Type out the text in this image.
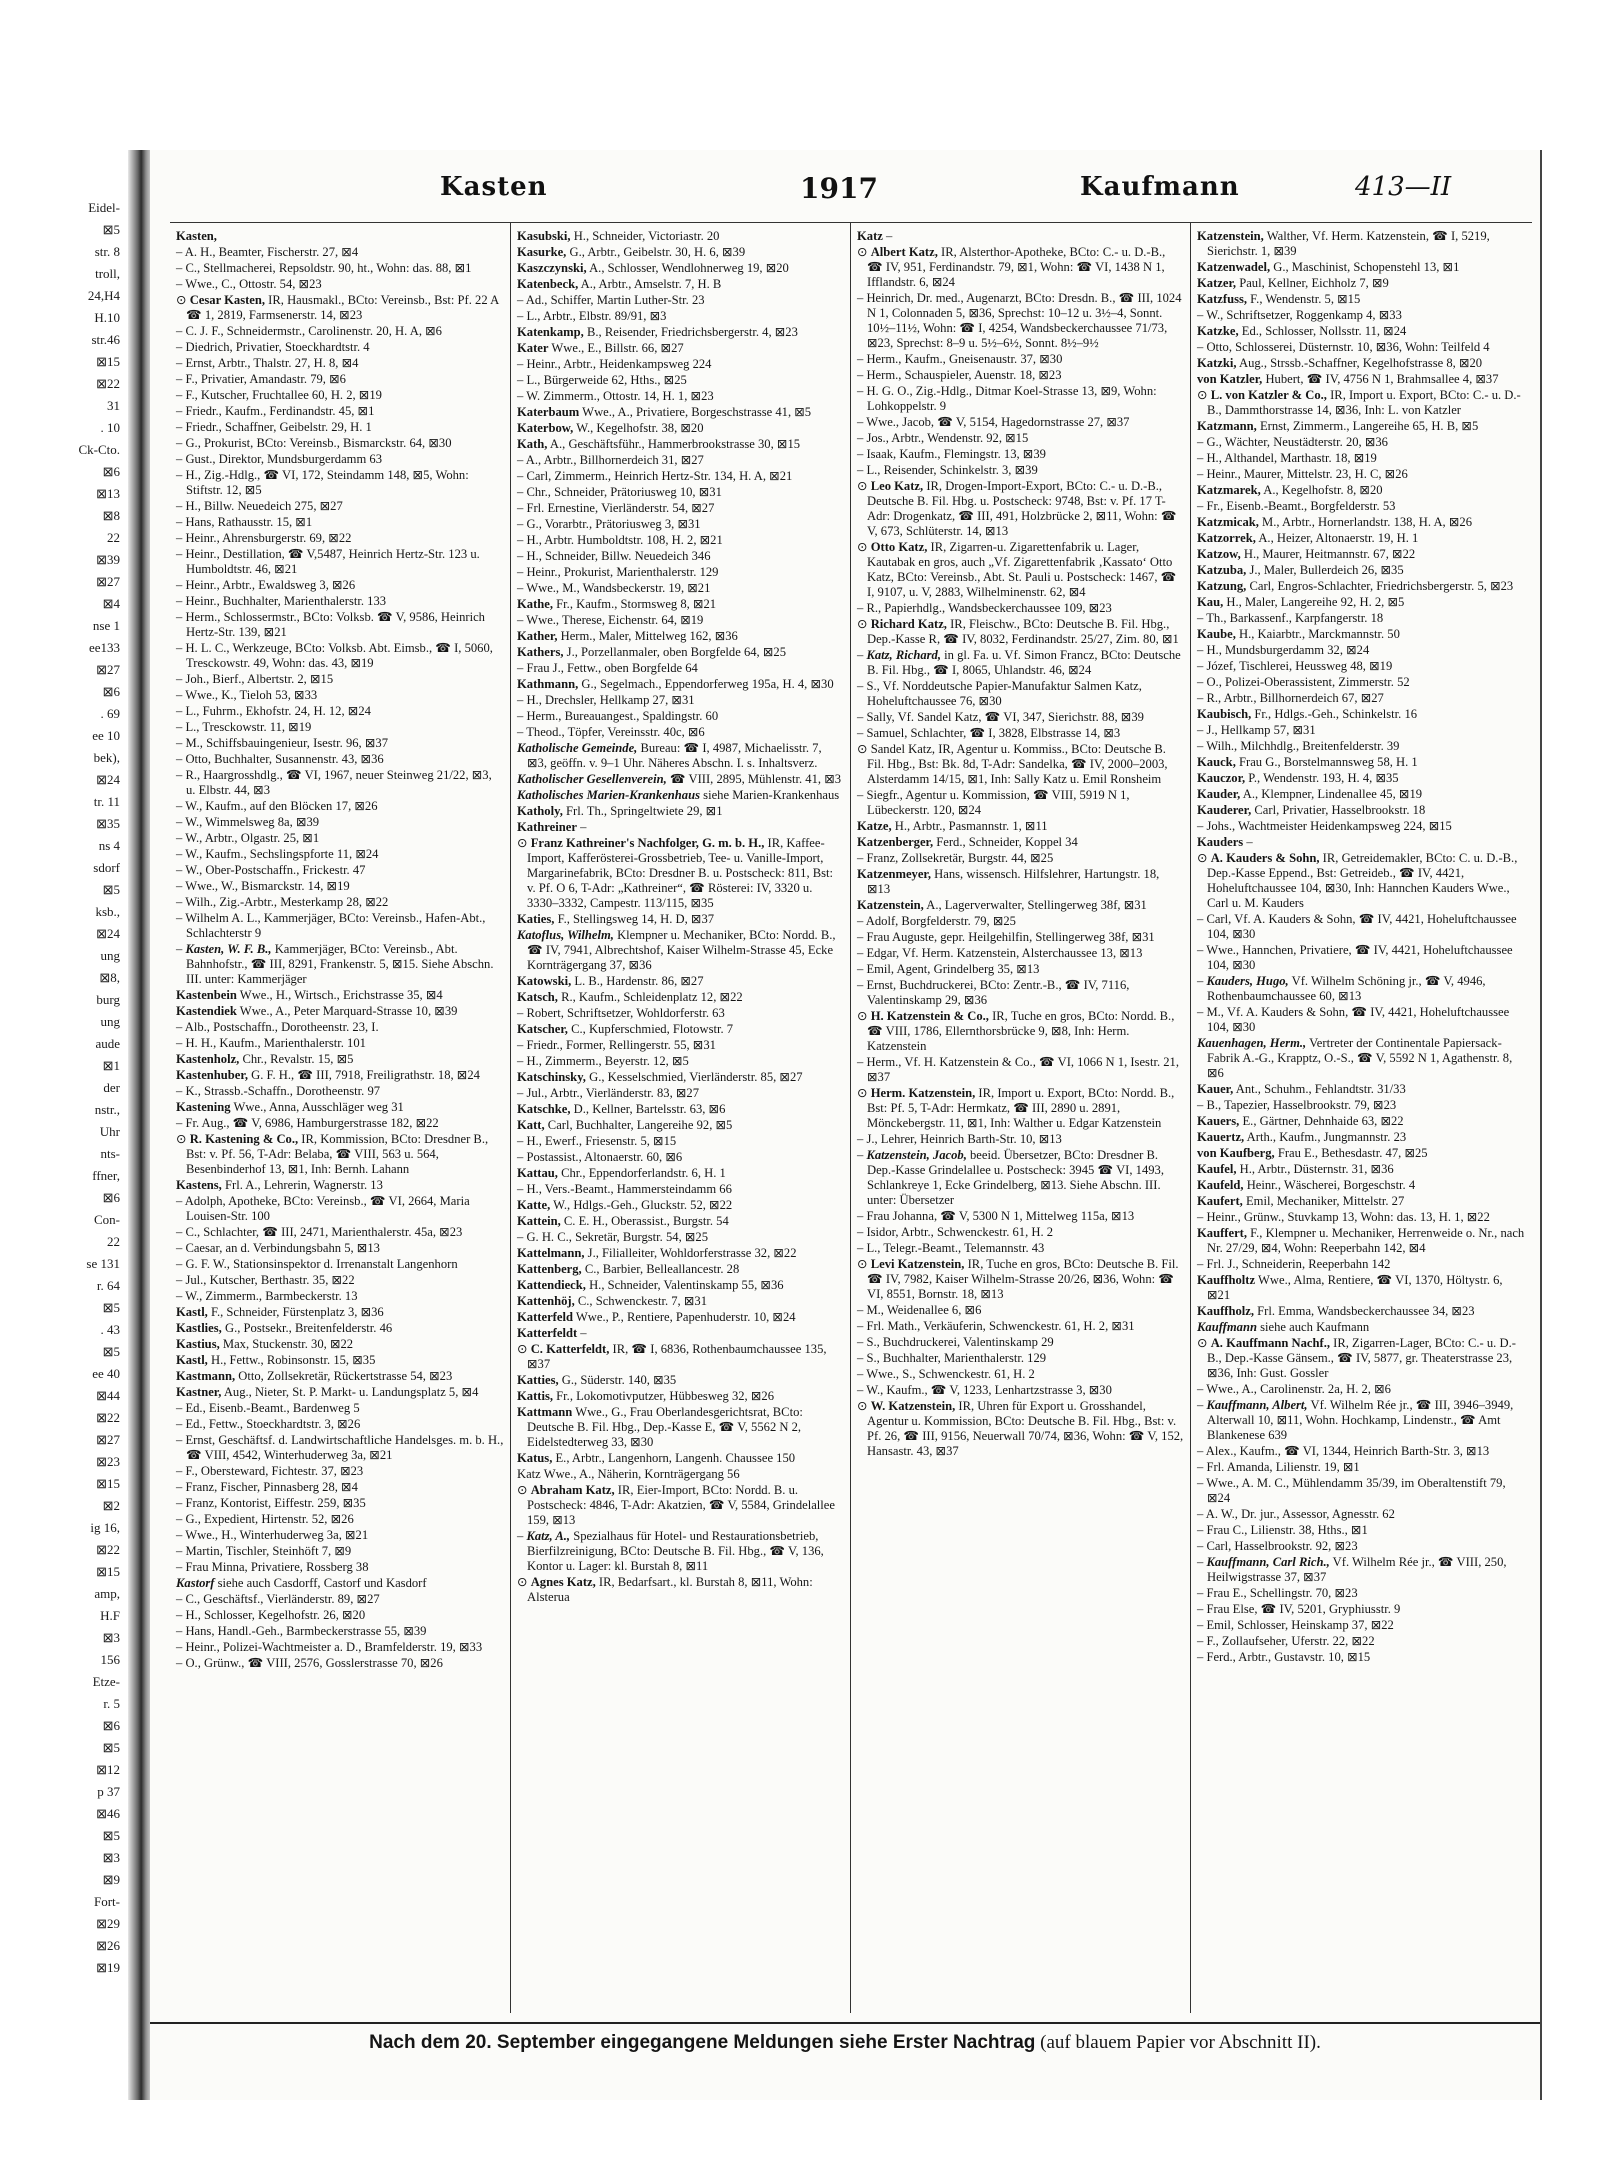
Eidel-
⊠5
str. 8
troll,
24,H4
H.10
str.46
⊠15
⊠22
31
. 10
Ck-Cto.
⊠6
⊠13
⊠8
22
⊠39
⊠27
⊠4
nse 1
ee133
⊠27
⊠6
. 69
ee 10
bek),
⊠24
tr. 11
⊠35
ns 4
sdorf
⊠5
ksb.,
⊠24
ung
⊠8,
burg
ung
aude
⊠1
der
nstr.,
Uhr
nts-
ffner,
⊠6
Con-
22
se 131
r. 64
⊠5
. 43
⊠5
ee 40
⊠44
⊠22
⊠27
⊠23
⊠15
⊠2
ig 16,
⊠22
⊠15
amp,
H.F
⊠3
156
Etze-
r. 5
⊠6
⊠5
⊠12
p 37
⊠46
⊠5
⊠3
⊠9
Fort-
⊠29
⊠26
⊠19
Kasten	1917	Kaufmann	413—II
Kasten,
– A. H., Beamter, Fischerstr. 27, ⊠4
– C., Stellmacherei, Repsoldstr. 90, ht., Wohn: das. 88, ⊠1
– Wwe., C., Ottostr. 54, ⊠23
⊙ Cesar Kasten, IR, Hausmakl., BCto: Vereinsb., Bst: Pf. 22 A ☎ 1, 2819, Farmsenerstr. 14, ⊠23
– C. J. F., Schneidermstr., Carolinenstr. 20, H. A, ⊠6
– Diedrich, Privatier, Stoeckhardtstr. 4
– Ernst, Arbtr., Thalstr. 27, H. 8, ⊠4
– F., Privatier, Amandastr. 79, ⊠6
– F., Kutscher, Fruchtallee 60, H. 2, ⊠19
– Friedr., Kaufm., Ferdinandstr. 45, ⊠1
– Friedr., Schaffner, Geibelstr. 29, H. 1
– G., Prokurist, BCto: Vereinsb., Bismarckstr. 64, ⊠30
– Gust., Direktor, Mundsburgerdamm 63
– H., Zig.-Hdlg., ☎ VI, 172, Steindamm 148, ⊠5, Wohn: Stiftstr. 12, ⊠5
– H., Billw. Neuedeich 275, ⊠27
– Hans, Rathausstr. 15, ⊠1
– Heinr., Ahrensburgerstr. 69, ⊠22
– Heinr., Destillation, ☎ V,5487, Heinrich Hertz-Str. 123 u. Humboldtstr. 46, ⊠21
– Heinr., Arbtr., Ewaldsweg 3, ⊠26
– Heinr., Buchhalter, Marienthalerstr. 133
– Herm., Schlossermstr., BCto: Volksb. ☎ V, 9586, Heinrich Hertz-Str. 139, ⊠21
– H. L. C., Werkzeuge, BCto: Volksb. Abt. Eimsb., ☎ I, 5060, Tresckowstr. 49, Wohn: das. 43, ⊠19
– Joh., Bierf., Albertstr. 2, ⊠15
– Wwe., K., Tieloh 53, ⊠33
– L., Fuhrm., Ekhofstr. 24, H. 12, ⊠24
– L., Tresckowstr. 11, ⊠19
– M., Schiffsbauingenieur, Isestr. 96, ⊠37
– Otto, Buchhalter, Susannenstr. 43, ⊠36
– R., Haargrosshdlg., ☎ VI, 1967, neuer Steinweg 21/22, ⊠3, u. Elbstr. 44, ⊠3
– W., Kaufm., auf den Blöcken 17, ⊠26
– W., Wimmelsweg 8a, ⊠39
– W., Arbtr., Olgastr. 25, ⊠1
– W., Kaufm., Sechslingspforte 11, ⊠24
– W., Ober-Postschaffn., Frickestr. 47
– Wwe., W., Bismarckstr. 14, ⊠19
– Wilh., Zig.-Arbtr., Mesterkamp 28, ⊠22
– Wilhelm A. L., Kammerjäger, BCto: Vereinsb., Hafen-Abt., Schlachterstr 9
– Kasten, W. F. B., Kammerjäger, BCto: Vereinsb., Abt. Bahnhofstr., ☎ III, 8291, Frankenstr. 5, ⊠15. Siehe Abschn. III. unter: Kammerjäger
Kastenbein Wwe., H., Wirtsch., Erichstrasse 35, ⊠4
Kastendiek Wwe., A., Peter Marquard-Strasse 10, ⊠39
– Alb., Postschaffn., Dorotheenstr. 23, I.
– H. H., Kaufm., Marienthalerstr. 101
Kastenholz, Chr., Revalstr. 15, ⊠5
Kastenhuber, G. F. H., ☎ III, 7918, Freiligrathstr. 18, ⊠24
– K., Strassb.-Schaffn., Dorotheenstr. 97
Kastening Wwe., Anna, Ausschläger weg 31
– Fr. Aug., ☎ V, 6986, Hamburgerstrasse 182, ⊠22
⊙ R. Kastening & Co., IR, Kommission, BCto: Dresdner B., Bst: v. Pf. 56, T-Adr: Belaba, ☎ VIII, 563 u. 564, Besenbinderhof 13, ⊠1, Inh: Bernh. Lahann
Kastens, Frl. A., Lehrerin, Wagnerstr. 13
– Adolph, Apotheke, BCto: Vereinsb., ☎ VI, 2664, Maria Louisen-Str. 100
– C., Schlachter, ☎ III, 2471, Marienthalerstr. 45a, ⊠23
– Caesar, an d. Verbindungsbahn 5, ⊠13
– G. F. W., Stationsinspektor d. Irrenanstalt Langenhorn
– Jul., Kutscher, Berthastr. 35, ⊠22
– W., Zimmerm., Barmbeckerstr. 13
Kastl, F., Schneider, Fürstenplatz 3, ⊠36
Kastlies, G., Postsekr., Breitenfelderstr. 46
Kastius, Max, Stuckenstr. 30, ⊠22
Kastl, H., Fettw., Robinsonstr. 15, ⊠35
Kastmann, Otto, Zollsekretär, Rückertstrasse 54, ⊠23
Kastner, Aug., Nieter, St. P. Markt- u. Landungsplatz 5, ⊠4
– Ed., Eisenb.-Beamt., Bardenweg 5
– Ed., Fettw., Stoeckhardtstr. 3, ⊠26
– Ernst, Geschäftsf. d. Landwirtschaftliche Handelsges. m. b. H., ☎ VIII, 4542, Winterhuderweg 3a, ⊠21
– F., Obersteward, Fichtestr. 37, ⊠23
– Franz, Fischer, Pinnasberg 28, ⊠4
– Franz, Kontorist, Eiffestr. 259, ⊠35
– G., Expedient, Hirtenstr. 52, ⊠26
– Wwe., H., Winterhuderweg 3a, ⊠21
– Martin, Tischler, Steinhöft 7, ⊠9
– Frau Minna, Privatiere, Rossberg 38
Kastorf siehe auch Casdorff, Castorf und Kasdorf
– C., Geschäftsf., Vierländerstr. 89, ⊠27
– H., Schlosser, Kegelhofstr. 26, ⊠20
– Hans, Handl.-Geh., Barmbeckerstrasse 55, ⊠39
– Heinr., Polizei-Wachtmeister a. D., Bramfelderstr. 19, ⊠33
– O., Grünw., ☎ VIII, 2576, Gosslerstrasse 70, ⊠26
Kasubski, H., Schneider, Victoriastr. 20
Kasurke, G., Arbtr., Geibelstr. 30, H. 6, ⊠39
Kaszczynski, A., Schlosser, Wendlohnerweg 19, ⊠20
Katenbeck, A., Arbtr., Amselstr. 7, H. B
– Ad., Schiffer, Martin Luther-Str. 23
– L., Arbtr., Elbstr. 89/91, ⊠3
Katenkamp, B., Reisender, Friedrichsbergerstr. 4, ⊠23
Kater Wwe., E., Billstr. 66, ⊠27
– Heinr., Arbtr., Heidenkampsweg 224
– L., Bürgerweide 62, Hths., ⊠25
– W. Zimmerm., Ottostr. 14, H. 1, ⊠23
Katerbaum Wwe., A., Privatiere, Borgeschstrasse 41, ⊠5
Katerbow, W., Kegelhofstr. 38, ⊠20
Kath, A., Geschäftsführ., Hammerbrookstrasse 30, ⊠15
– A., Arbtr., Billhornerdeich 31, ⊠27
– Carl, Zimmerm., Heinrich Hertz-Str. 134, H. A, ⊠21
– Chr., Schneider, Prätoriusweg 10, ⊠31
– Frl. Ernestine, Vierländerstr. 54, ⊠27
– G., Vorarbtr., Prätoriusweg 3, ⊠31
– H., Arbtr. Humboldtstr. 108, H. 2, ⊠21
– H., Schneider, Billw. Neuedeich 346
– Heinr., Prokurist, Marienthalerstr. 129
– Wwe., M., Wandsbeckerstr. 19, ⊠21
Kathe, Fr., Kaufm., Stormsweg 8, ⊠21
– Wwe., Therese, Eichenstr. 64, ⊠19
Kather, Herm., Maler, Mittelweg 162, ⊠36
Kathers, J., Porzellanmaler, oben Borgfelde 64, ⊠25
– Frau J., Fettw., oben Borgfelde 64
Kathmann, G., Segelmach., Eppendorferweg 195a, H. 4, ⊠30
– H., Drechsler, Hellkamp 27, ⊠31
– Herm., Bureauangest., Spaldingstr. 60
– Theod., Töpfer, Vereinsstr. 40c, ⊠6
Katholische Gemeinde, Bureau: ☎ I, 4987, Michaelisstr. 7, ⊠3, geöffn. v. 9–1 Uhr. Näheres Abschn. I. s. Inhaltsverz.
Katholischer Gesellenverein, ☎ VIII, 2895, Mühlenstr. 41, ⊠3
Katholisches Marien-Krankenhaus siehe Marien-Krankenhaus
Katholy, Frl. Th., Springeltwiete 29, ⊠1
Kathreiner –
⊙ Franz Kathreiner's Nachfolger, G. m. b. H., IR, Kaffee-Import, Kafferösterei-Grossbetrieb, Tee- u. Vanille-Import, Margarinefabrik, BCto: Dresdner B. u. Postscheck: 811, Bst: v. Pf. O 6, T-Adr: „Kathreiner“, ☎ Rösterei: IV, 3320 u. 3330–3332, Campestr. 113/115, ⊠35
Katies, F., Stellingsweg 14, H. D, ⊠37
Katoflus, Wilhelm, Klempner u. Mechaniker, BCto: Nordd. B., ☎ IV, 7941, Albrechtshof, Kaiser Wilhelm-Strasse 45, Ecke Kornträgergang 37, ⊠36
Katowski, L. B., Hardenstr. 86, ⊠27
Katsch, R., Kaufm., Schleidenplatz 12, ⊠22
– Robert, Schriftsetzer, Wohldorferstr. 63
Katscher, C., Kupferschmied, Flotowstr. 7
– Friedr., Former, Rellingerstr. 55, ⊠31
– H., Zimmerm., Beyerstr. 12, ⊠5
Katschinsky, G., Kesselschmied, Vierländerstr. 85, ⊠27
– Jul., Arbtr., Vierländerstr. 83, ⊠27
Katschke, D., Kellner, Bartelsstr. 63, ⊠6
Katt, Carl, Buchhalter, Langereihe 92, ⊠5
– H., Ewerf., Friesenstr. 5, ⊠15
– Postassist., Altonaerstr. 60, ⊠6
Kattau, Chr., Eppendorferlandstr. 6, H. 1
– H., Vers.-Beamt., Hammersteindamm 66
Katte, W., Hdlgs.-Geh., Gluckstr. 52, ⊠22
Kattein, C. E. H., Oberassist., Burgstr. 54
– G. H. C., Sekretär, Burgstr. 54, ⊠25
Kattelmann, J., Filialleiter, Wohldorferstrasse 32, ⊠22
Kattenberg, C., Barbier, Belleallancestr. 28
Kattendieck, H., Schneider, Valentinskamp 55, ⊠36
Kattenhöj, C., Schwenckestr. 7, ⊠31
Katterfeld Wwe., P., Rentiere, Papenhuderstr. 10, ⊠24
Katterfeldt –
⊙ C. Katterfeldt, IR, ☎ I, 6836, Rothenbaumchaussee 135, ⊠37
Katties, G., Süderstr. 140, ⊠35
Kattis, Fr., Lokomotivputzer, Hübbesweg 32, ⊠26
Kattmann Wwe., G., Frau Oberlandesgerichtsrat, BCto: Deutsche B. Fil. Hbg., Dep.-Kasse E, ☎ V, 5562 N 2, Eidelstedterweg 33, ⊠30
Katus, E., Arbtr., Langenhorn, Langenh. Chaussee 150
Katz Wwe., A., Näherin, Kornträgergang 56
⊙ Abraham Katz, IR, Eier-Import, BCto: Nordd. B. u. Postscheck: 4846, T-Adr: Akatzien, ☎ V, 5584, Grindelallee 159, ⊠13
– Katz, A., Spezialhaus für Hotel- und Restaurationsbetrieb, Bierfilzreinigung, BCto: Deutsche B. Fil. Hbg., ☎ V, 136, Kontor u. Lager: kl. Burstah 8, ⊠11
⊙ Agnes Katz, IR, Bedarfsart., kl. Burstah 8, ⊠11, Wohn: Alsterua
Katz –
⊙ Albert Katz, IR, Alsterthor-Apotheke, BCto: C.- u. D.-B., ☎ IV, 951, Ferdinandstr. 79, ⊠1, Wohn: ☎ VI, 1438 N 1, Ifflandstr. 6, ⊠24
– Heinrich, Dr. med., Augenarzt, BCto: Dresdn. B., ☎ III, 1024 N 1, Colonnaden 5, ⊠36, Sprechst: 10–12 u. 3½–4, Sonnt. 10½–11½, Wohn: ☎ I, 4254, Wandsbeckerchaussee 71/73, ⊠23, Sprechst: 8–9 u. 5½–6½, Sonnt. 8½–9½
– Herm., Kaufm., Gneisenaustr. 37, ⊠30
– Herm., Schauspieler, Auenstr. 18, ⊠23
– H. G. O., Zig.-Hdlg., Ditmar Koel-Strasse 13, ⊠9, Wohn: Lohkoppelstr. 9
– Wwe., Jacob, ☎ V, 5154, Hagedornstrasse 27, ⊠37
– Jos., Arbtr., Wendenstr. 92, ⊠15
– Isaak, Kaufm., Flemingstr. 13, ⊠39
– L., Reisender, Schinkelstr. 3, ⊠39
⊙ Leo Katz, IR, Drogen-Import-Export, BCto: C.- u. D.-B., Deutsche B. Fil. Hbg. u. Postscheck: 9748, Bst: v. Pf. 17 T-Adr: Drogenkatz, ☎ III, 491, Holzbrücke 2, ⊠11, Wohn: ☎ V, 673, Schlüterstr. 14, ⊠13
⊙ Otto Katz, IR, Zigarren-u. Zigarettenfabrik u. Lager, Kautabak en gros, auch „Vf. Zigarettenfabrik ‚Kassato‘ Otto Katz, BCto: Vereinsb., Abt. St. Pauli u. Postscheck: 1467, ☎ I, 9107, u. V, 2883, Wilhelminenstr. 62, ⊠4
– R., Papierhdlg., Wandsbeckerchaussee 109, ⊠23
⊙ Richard Katz, IR, Fleischw., BCto: Deutsche B. Fil. Hbg., Dep.-Kasse R, ☎ IV, 8032, Ferdinandstr. 25/27, Zim. 80, ⊠1
– Katz, Richard, in gl. Fa. u. Vf. Simon Francz, BCto: Deutsche B. Fil. Hbg., ☎ I, 8065, Uhlandstr. 46, ⊠24
– S., Vf. Norddeutsche Papier-Manufaktur Salmen Katz, Hoheluftchaussee 76, ⊠30
– Sally, Vf. Sandel Katz, ☎ VI, 347, Sierichstr. 88, ⊠39
– Samuel, Schlachter, ☎ I, 3828, Elbstrasse 14, ⊠3
⊙ Sandel Katz, IR, Agentur u. Kommiss., BCto: Deutsche B. Fil. Hbg., Bst: Bk. 8d, T-Adr: Sandelka, ☎ IV, 2000–2003, Alsterdamm 14/15, ⊠1, Inh: Sally Katz u. Emil Ronsheim
– Siegfr., Agentur u. Kommission, ☎ VIII, 5919 N 1, Lübeckerstr. 120, ⊠24
Katze, H., Arbtr., Pasmannstr. 1, ⊠11
Katzenberger, Ferd., Schneider, Koppel 34
– Franz, Zollsekretär, Burgstr. 44, ⊠25
Katzenmeyer, Hans, wissensch. Hilfslehrer, Hartungstr. 18, ⊠13
Katzenstein, A., Lagerverwalter, Stellingerweg 38f, ⊠31
– Adolf, Borgfelderstr. 79, ⊠25
– Frau Auguste, gepr. Heilgehilfin, Stellingerweg 38f, ⊠31
– Edgar, Vf. Herm. Katzenstein, Alsterchaussee 13, ⊠13
– Emil, Agent, Grindelberg 35, ⊠13
– Ernst, Buchdruckerei, BCto: Zentr.-B., ☎ IV, 7116, Valentinskamp 29, ⊠36
⊙ H. Katzenstein & Co., IR, Tuche en gros, BCto: Nordd. B., ☎ VIII, 1786, Ellernthorsbrücke 9, ⊠8, Inh: Herm. Katzenstein
– Herm., Vf. H. Katzenstein & Co., ☎ VI, 1066 N 1, Isestr. 21, ⊠37
⊙ Herm. Katzenstein, IR, Import u. Export, BCto: Nordd. B., Bst: Pf. 5, T-Adr: Hermkatz, ☎ III, 2890 u. 2891, Mönckebergstr. 11, ⊠1, Inh: Walther u. Edgar Katzenstein
– J., Lehrer, Heinrich Barth-Str. 10, ⊠13
– Katzenstein, Jacob, beeid. Übersetzer, BCto: Dresdner B. Dep.-Kasse Grindelallee u. Postscheck: 3945 ☎ VI, 1493, Schlankreye 1, Ecke Grindelberg, ⊠13. Siehe Abschn. III. unter: Übersetzer
– Frau Johanna, ☎ V, 5300 N 1, Mittelweg 115a, ⊠13
– Isidor, Arbtr., Schwenckestr. 61, H. 2
– L., Telegr.-Beamt., Telemannstr. 43
⊙ Levi Katzenstein, IR, Tuche en gros, BCto: Deutsche B. Fil. ☎ IV, 7982, Kaiser Wilhelm-Strasse 20/26, ⊠36, Wohn: ☎ VI, 8551, Bornstr. 18, ⊠13
– M., Weidenallee 6, ⊠6
– Frl. Math., Verkäuferin, Schwenckestr. 61, H. 2, ⊠31
– S., Buchdruckerei, Valentinskamp 29
– S., Buchhalter, Marienthalerstr. 129
– Wwe., S., Schwenckestr. 61, H. 2
– W., Kaufm., ☎ V, 1233, Lenhartzstrasse 3, ⊠30
⊙ W. Katzenstein, IR, Uhren für Export u. Grosshandel, Agentur u. Kommission, BCto: Deutsche B. Fil. Hbg., Bst: v. Pf. 26, ☎ III, 9156, Neuerwall 70/74, ⊠36, Wohn: ☎ V, 152, Hansastr. 43, ⊠37
Katzenstein, Walther, Vf. Herm. Katzenstein, ☎ I, 5219, Sierichstr. 1, ⊠39
Katzenwadel, G., Maschinist, Schopenstehl 13, ⊠1
Katzer, Paul, Kellner, Eichholz 7, ⊠9
Katzfuss, F., Wendenstr. 5, ⊠15
– W., Schriftsetzer, Roggenkamp 4, ⊠33
Katzke, Ed., Schlosser, Nollsstr. 11, ⊠24
– Otto, Schlosserei, Düsternstr. 10, ⊠36, Wohn: Teilfeld 4
Katzki, Aug., Strssb.-Schaffner, Kegelhofstrasse 8, ⊠20
von Katzler, Hubert, ☎ IV, 4756 N 1, Brahmsallee 4, ⊠37
⊙ L. von Katzler & Co., IR, Import u. Export, BCto: C.- u. D.-B., Dammthorstrasse 14, ⊠36, Inh: L. von Katzler
Katzmann, Ernst, Zimmerm., Langereihe 65, H. B, ⊠5
– G., Wächter, Neustädterstr. 20, ⊠36
– H., Althandel, Marthastr. 18, ⊠19
– Heinr., Maurer, Mittelstr. 23, H. C, ⊠26
Katzmarek, A., Kegelhofstr. 8, ⊠20
– Fr., Eisenb.-Beamt., Borgfelderstr. 53
Katzmicak, M., Arbtr., Hornerlandstr. 138, H. A, ⊠26
Katzorrek, A., Heizer, Altonaerstr. 19, H. 1
Katzow, H., Maurer, Heitmannstr. 67, ⊠22
Katzuba, J., Maler, Bullerdeich 26, ⊠35
Katzung, Carl, Engros-Schlachter, Friedrichsbergerstr. 5, ⊠23
Kau, H., Maler, Langereihe 92, H. 2, ⊠5
– Th., Barkassenf., Karpfangerstr. 18
Kaube, H., Kaiarbtr., Marckmannstr. 50
– H., Mundsburgerdamm 32, ⊠24
– Józef, Tischlerei, Heussweg 48, ⊠19
– O., Polizei-Oberassistent, Zimmerstr. 52
– R., Arbtr., Billhornerdeich 67, ⊠27
Kaubisch, Fr., Hdlgs.-Geh., Schinkelstr. 16
– J., Hellkamp 57, ⊠31
– Wilh., Milchhdlg., Breitenfelderstr. 39
Kauck, Frau G., Borstelmannsweg 58, H. 1
Kauczor, P., Wendenstr. 193, H. 4, ⊠35
Kauder, A., Klempner, Lindenallee 45, ⊠19
Kauderer, Carl, Privatier, Hasselbrookstr. 18
– Johs., Wachtmeister Heidenkampsweg 224, ⊠15
Kauders –
⊙ A. Kauders & Sohn, IR, Getreidemakler, BCto: C. u. D.-B., Dep.-Kasse Eppend., Bst: Getreideb., ☎ IV, 4421, Hoheluftchaussee 104, ⊠30, Inh: Hannchen Kauders Wwe., Carl u. M. Kauders
– Carl, Vf. A. Kauders & Sohn, ☎ IV, 4421, Hoheluftchaussee 104, ⊠30
– Wwe., Hannchen, Privatiere, ☎ IV, 4421, Hoheluftchaussee 104, ⊠30
– Kauders, Hugo, Vf. Wilhelm Schöning jr., ☎ V, 4946, Rothenbaumchaussee 60, ⊠13
– M., Vf. A. Kauders & Sohn, ☎ IV, 4421, Hoheluftchaussee 104, ⊠30
Kauenhagen, Herm., Vertreter der Continentale Papiersack-Fabrik A.-G., Krapptz, O.-S., ☎ V, 5592 N 1, Agathenstr. 8, ⊠6
Kauer, Ant., Schuhm., Fehlandtstr. 31/33
– B., Tapezier, Hasselbrookstr. 79, ⊠23
Kauers, E., Gärtner, Dehnhaide 63, ⊠22
Kauertz, Arth., Kaufm., Jungmannstr. 23
von Kaufberg, Frau E., Bethesdastr. 47, ⊠25
Kaufel, H., Arbtr., Düsternstr. 31, ⊠36
Kaufeld, Heinr., Wäscherei, Borgeschstr. 4
Kaufert, Emil, Mechaniker, Mittelstr. 27
– Heinr., Grünw., Stuvkamp 13, Wohn: das. 13, H. 1, ⊠22
Kauffert, F., Klempner u. Mechaniker, Herrenweide o. Nr., nach Nr. 27/29, ⊠4, Wohn: Reeperbahn 142, ⊠4
– Frl. J., Schneiderin, Reeperbahn 142
Kauffholtz Wwe., Alma, Rentiere, ☎ VI, 1370, Höltystr. 6, ⊠21
Kauffholz, Frl. Emma, Wandsbeckerchaussee 34, ⊠23
Kauffmann siehe auch Kaufmann
⊙ A. Kauffmann Nachf., IR, Zigarren-Lager, BCto: C.- u. D.-B., Dep.-Kasse Gänsem., ☎ IV, 5877, gr. Theaterstrasse 23, ⊠36, Inh: Gust. Gossler
– Wwe., A., Carolinenstr. 2a, H. 2, ⊠6
– Kauffmann, Albert, Vf. Wilhelm Rée jr., ☎ III, 3946–3949, Alterwall 10, ⊠11, Wohn. Hochkamp, Lindenstr., ☎ Amt Blankenese 639
– Alex., Kaufm., ☎ VI, 1344, Heinrich Barth-Str. 3, ⊠13
– Frl. Amanda, Lilienstr. 19, ⊠1
– Wwe., A. M. C., Mühlendamm 35/39, im Oberaltenstift 79, ⊠24
– A. W., Dr. jur., Assessor, Agnesstr. 62
– Frau C., Lilienstr. 38, Hths., ⊠1
– Carl, Hasselbrookstr. 92, ⊠23
– Kauffmann, Carl Rich., Vf. Wilhelm Rée jr., ☎ VIII, 250, Heilwigstrasse 37, ⊠37
– Frau E., Schellingstr. 70, ⊠23
– Frau Else, ☎ IV, 5201, Gryphiusstr. 9
– Emil, Schlosser, Heinskamp 37, ⊠22
– F., Zollaufseher, Uferstr. 22, ⊠22
– Ferd., Arbtr., Gustavstr. 10, ⊠15
Nach dem 20. September eingegangene Meldungen siehe Erster Nachtrag (auf blauem Papier vor Abschnitt II).
